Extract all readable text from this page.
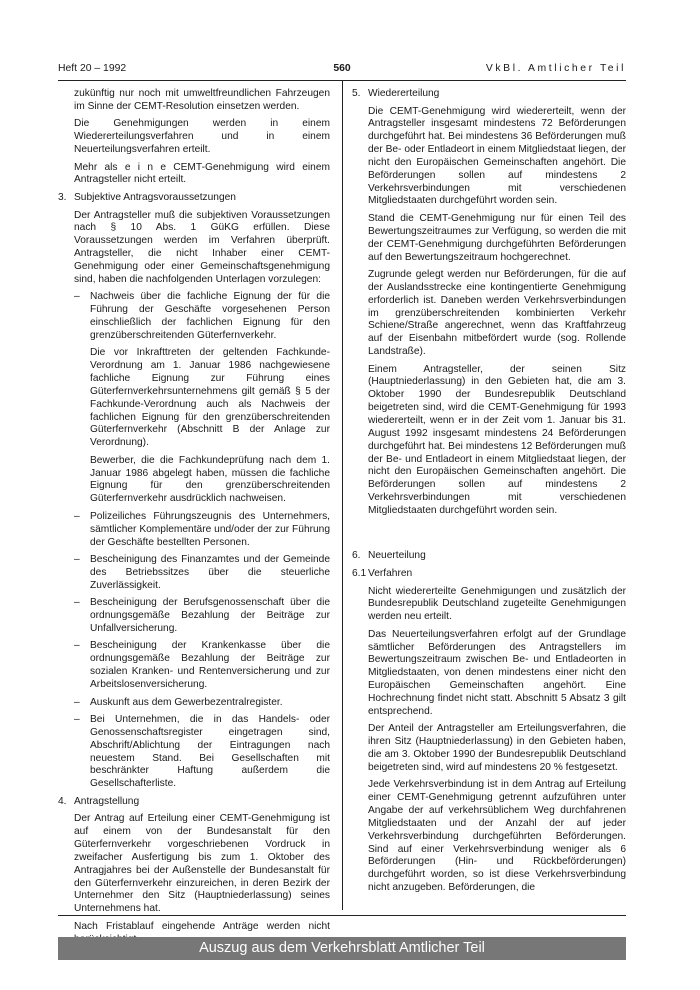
Heft 20 – 1992	560	VkBl. Amtlicher Teil

zukünftig nur noch mit umweltfreundlichen Fahrzeugen im Sinne der CEMT-Resolution einsetzen werden.

Die Genehmigungen werden in einem Wiedererteilungsverfahren und in einem Neuerteilungsverfahren erteilt.

Mehr als e i n e CEMT-Genehmigung wird einem Antragsteller nicht erteilt.

3. Subjektive Antragsvoraussetzungen

Der Antragsteller muß die subjektiven Voraussetzungen nach § 10 Abs. 1 GüKG erfüllen. Diese Voraussetzungen werden im Verfahren überprüft. Antragsteller, die nicht Inhaber einer CEMT-Genehmigung oder einer Gemeinschaftsgenehmigung sind, haben die nachfolgenden Unterlagen vorzulegen:

– Nachweis über die fachliche Eignung der für die Führung der Geschäfte vorgesehenen Person einschließlich der fachlichen Eignung für den grenzüberschreitenden Güterfernverkehr.

Die vor Inkrafttreten der geltenden Fachkunde-Verordnung am 1. Januar 1986 nachgewiesene fachliche Eignung zur Führung eines Güterfernverkehrsunternehmens gilt gemäß § 5 der Fachkunde-Verordnung auch als Nachweis der fachlichen Eignung für den grenzüberschreitenden Güterfernverkehr (Abschnitt B der Anlage zur Verordnung).

Bewerber, die die Fachkundeprüfung nach dem 1. Januar 1986 abgelegt haben, müssen die fachliche Eignung für den grenzüberschreitenden Güterfernverkehr ausdrücklich nachweisen.

– Polizeiliches Führungszeugnis des Unternehmers, sämtlicher Komplementäre und/oder der zur Führung der Geschäfte bestellten Personen.
– Bescheinigung des Finanzamtes und der Gemeinde des Betriebssitzes über die steuerliche Zuverlässigkeit.
– Bescheinigung der Berufsgenossenschaft über die ordnungsgemäße Bezahlung der Beiträge zur Unfallversicherung.
– Bescheinigung der Krankenkasse über die ordnungsgemäße Bezahlung der Beiträge zur sozialen Kranken- und Rentenversicherung und zur Arbeitslosenversicherung.
– Auskunft aus dem Gewerbezentralregister.
– Bei Unternehmen, die in das Handels- oder Genossenschaftsregister eingetragen sind, Abschrift/Ablichtung der Eintragungen nach neuestem Stand. Bei Gesellschaften mit beschränkter Haftung außerdem die Gesellschafterliste.
4. Antragstellung

Der Antrag auf Erteilung einer CEMT-Genehmigung ist auf einem von der Bundesanstalt für den Güterfernverkehr vorgeschriebenen Vordruck in zweifacher Ausfertigung bis zum 1. Oktober des Antragjahres bei der Außenstelle der Bundesanstalt für den Güterfernverkehr einzureichen, in deren Bezirk der Unternehmer den Sitz (Hauptniederlassung) seines Unternehmens hat.

Nach Fristablauf eingehende Anträge werden nicht

5. Wiedererteilung

Die CEMT-Genehmigung wird wiedererteilt, wenn der Antragsteller insgesamt mindestens 72 Beförderungen durchgeführt hat. Bei mindestens 36 Beförderungen muß der Be- oder Entladeort in einem Mitgliedstaat liegen, der nicht den Europäischen Gemeinschaften angehört. Die Beförderungen sollen auf mindestens 2 Verkehrsverbindungen mit verschiedenen Mitgliedstaaten durchgeführt worden sein.

Stand die CEMT-Genehmigung nur für einen Teil des Bewertungszeitraumes zur Verfügung, so werden die mit der CEMT-Genehmigung durchgeführten Beförderungen auf den Bewertungszeitraum hochgerechnet.

Zugrunde gelegt werden nur Beförderungen, für die auf der Auslandsstrecke eine kontingentierte Genehmigung erforderlich ist. Daneben werden Verkehrsverbindungen im grenzüberschreitenden kombinierten Verkehr Schiene/Straße angerechnet, wenn das Kraftfahrzeug auf der Eisenbahn mitbefördert wurde (sog. Rollende Landstraße).

Einem Antragsteller, der seinen Sitz (Hauptniederlassung) in den Gebieten hat, die am 3. Oktober 1990 der Bundesrepublik Deutschland beigetreten sind, wird die CEMT-Genehmigung für 1993 wiedererteilt, wenn er in der Zeit vom 1. Januar bis 31. August 1992 insgesamt mindestens 24 Beförderungen durchgeführt hat. Bei mindestens 12 Beförderungen muß der Be- und Entladeort in einem Mitgliedstaat liegen, der nicht den Europäischen Gemeinschaften angehört. Die Beförderungen sollen auf mindestens 2 Verkehrsverbindungen mit verschiedenen Mitgliedstaaten durchgeführt worden sein.

6. Neuerteilung
6.1 Verfahren

Nicht wiedererteilte Genehmigungen und zusätzlich der Bundesrepublik Deutschland zugeteilte Genehmigungen werden neu erteilt.

Das Neuerteilungsverfahren erfolgt auf der Grundlage sämtlicher Beförderungen des Antragstellers im Bewertungszeitraum zwischen Be- und Entladeorten in Mitgliedstaaten, von denen mindestens einer nicht den Europäischen Gemeinschaften angehört. Eine Hochrechnung findet nicht statt. Abschnitt 5 Absatz 3 gilt entsprechend.

Der Anteil der Antragsteller am Erteilungsverfahren, die ihren Sitz (Hauptniederlassung) in den Gebieten haben, die am 3. Oktober 1990 der Bundesrepublik Deutschland beigetreten sind, wird auf mindestens 20 % festgesetzt.

Jede Verkehrsverbindung ist in dem Antrag auf Erteilung einer CEMT-Genehmigung getrennt aufzuführen unter Angabe der auf verkehrsüblichem Weg durchfahrenen Mitgliedstaaten und der Anzahl der auf jeder Verkehrsverbindung durchgeführten Beförderungen. Sind auf einer Verkehrsverbindung weniger als 6 Beförderungen (Hin- und Rückbeförderungen) durchgeführt worden, so ist diese Verkehrsverbindung nicht anzugeben. Beförderungen, die

Auszug aus dem Verkehrsblatt Amtlicher Teil
